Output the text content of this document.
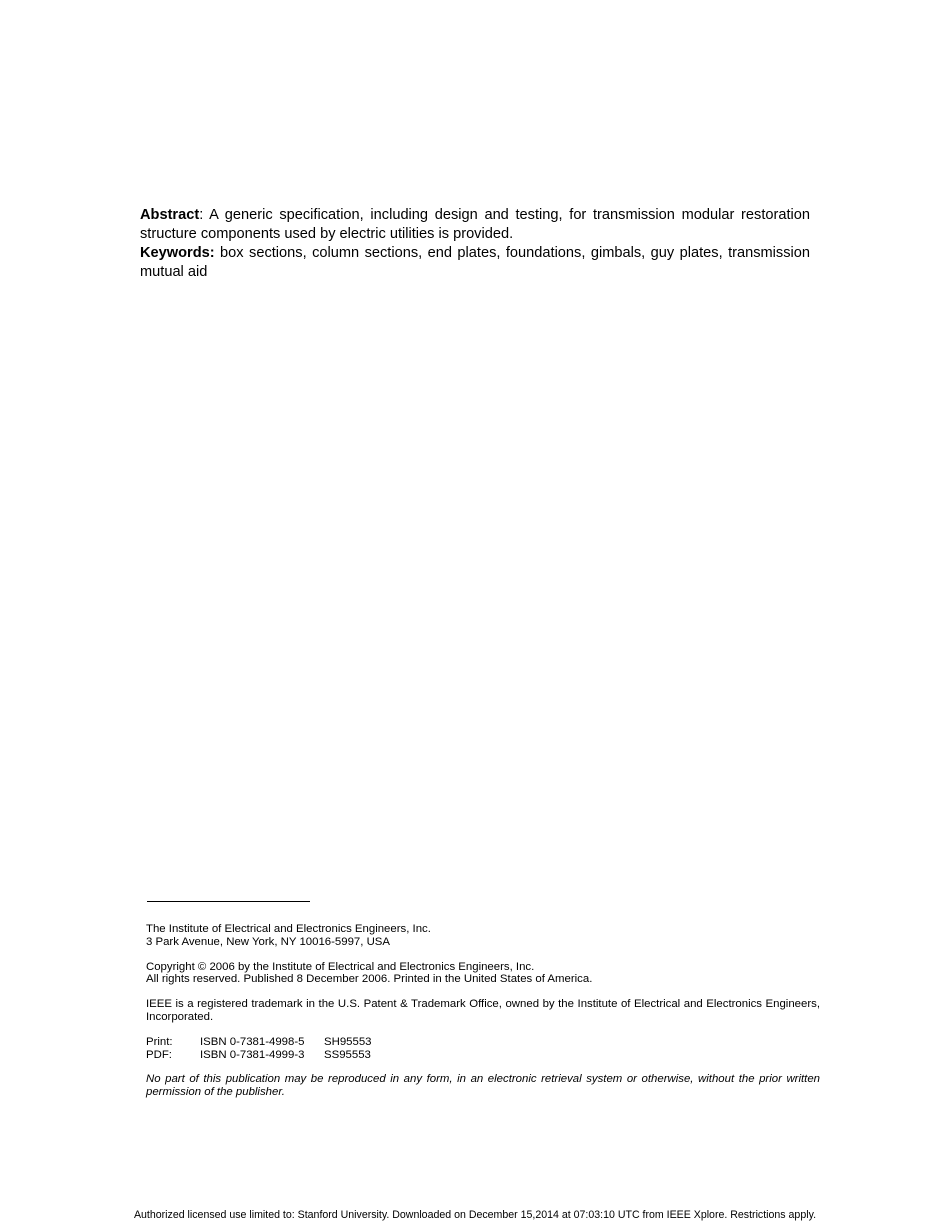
Abstract: A generic specification, including design and testing, for transmission modular restoration structure components used by electric utilities is provided.

Keywords: box sections, column sections, end plates, foundations, gimbals, guy plates, transmission mutual aid

The Institute of Electrical and Electronics Engineers, Inc.
3 Park Avenue, New York, NY 10016-5997, USA

Copyright © 2006 by the Institute of Electrical and Electronics Engineers, Inc.
All rights reserved. Published 8 December 2006. Printed in the United States of America.

IEEE is a registered trademark in the U.S. Patent & Trademark Office, owned by the Institute of Electrical and Electronics Engineers, Incorporated.

Print:	ISBN 0-7381-4998-5	SH95553
PDF:	ISBN 0-7381-4999-3	SS95553

No part of this publication may be reproduced in any form, in an electronic retrieval system or otherwise, without the prior written permission of the publisher.

Authorized licensed use limited to: Stanford University. Downloaded on December 15,2014 at 07:03:10 UTC from IEEE Xplore. Restrictions apply.
